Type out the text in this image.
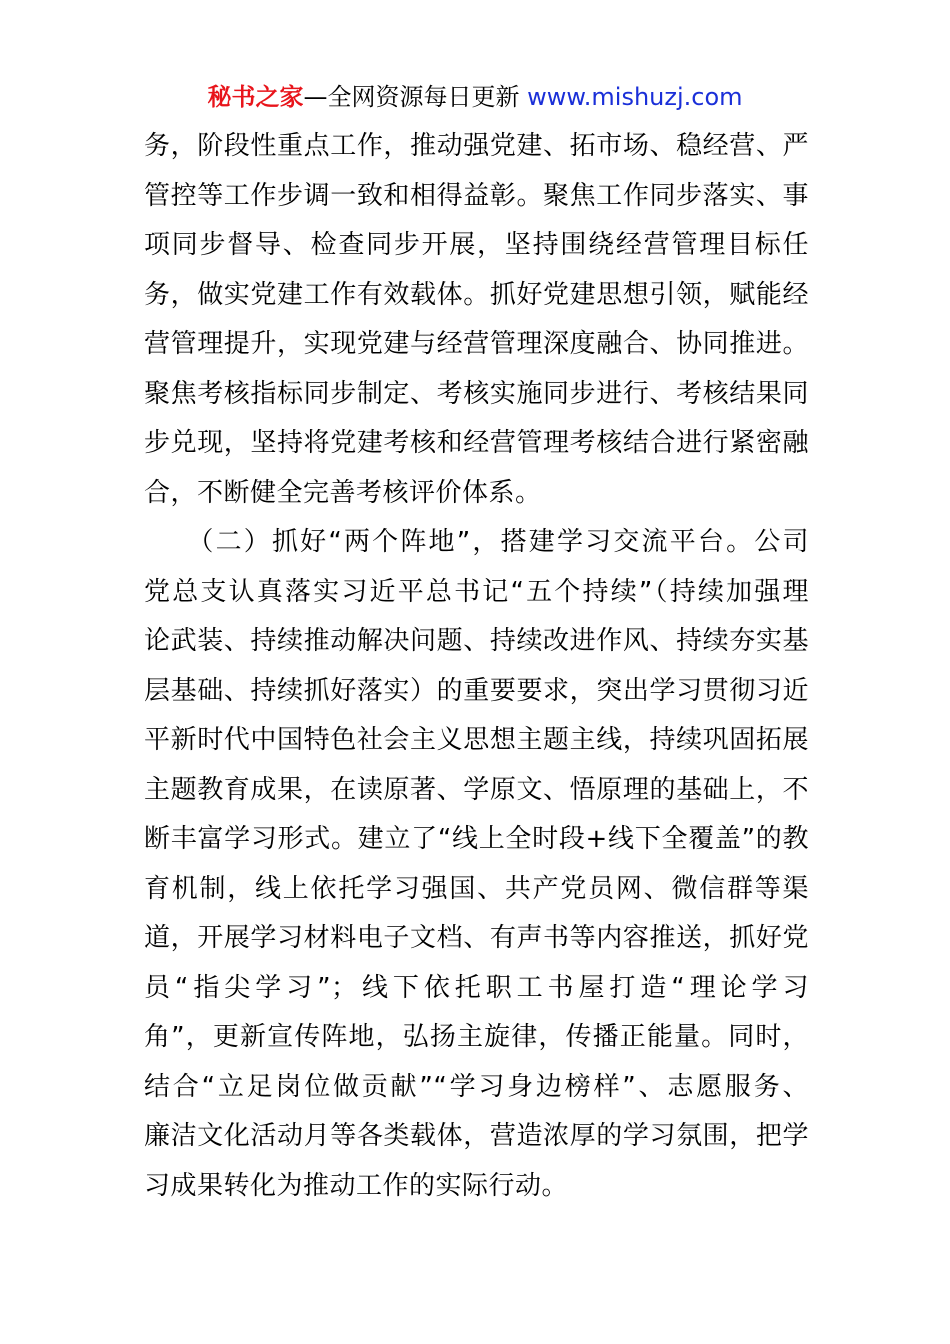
秘书之家—全网资源每日更新 www.mishuzj.com
务，阶段性重点工作，推动强党建、拓市场、稳经营、严
管控等工作步调一致和相得益彰。聚焦工作同步落实、事
项同步督导、检查同步开展，坚持围绕经营管理目标任
务，做实党建工作有效载体。抓好党建思想引领，赋能经
营管理提升，实现党建与经营管理深度融合、协同推进。
聚焦考核指标同步制定、考核实施同步进行、考核结果同
步兑现，坚持将党建考核和经营管理考核结合进行紧密融
合，不断健全完善考核评价体系。
　　（二）抓好“两个阵地”，搭建学习交流平台。公司
党总支认真落实习近平总书记“五个持续”（持续加强理
论武装、持续推动解决问题、持续改进作风、持续夯实基
层基础、持续抓好落实）的重要要求，突出学习贯彻习近
平新时代中国特色社会主义思想主题主线，持续巩固拓展
主题教育成果，在读原著、学原文、悟原理的基础上，不
断丰富学习形式。建立了“线上全时段+线下全覆盖”的教
育机制，线上依托学习强国、共产党员网、微信群等渠
道，开展学习材料电子文档、有声书等内容推送，抓好党
员“指尖学习”；线下依托职工书屋打造“理论学习
角”，更新宣传阵地，弘扬主旋律，传播正能量。同时，
结合“立足岗位做贡献”“学习身边榜样”、志愿服务、
廉洁文化活动月等各类载体，营造浓厚的学习氛围，把学
习成果转化为推动工作的实际行动。
